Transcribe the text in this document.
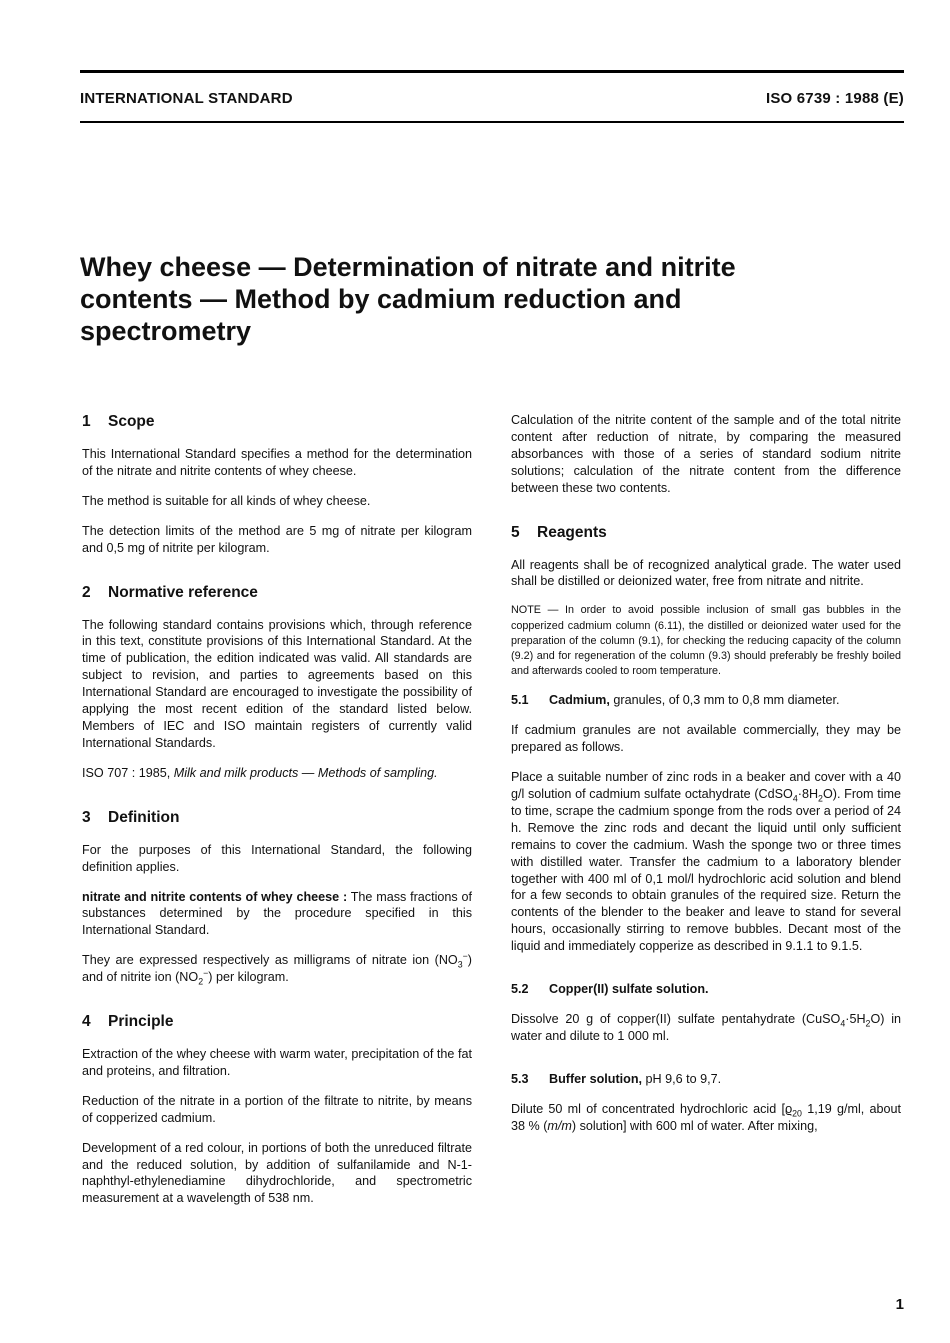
INTERNATIONAL STANDARD	ISO 6739 : 1988 (E)
Whey cheese — Determination of nitrate and nitrite contents — Method by cadmium reduction and spectrometry
1 Scope

This International Standard specifies a method for the determination of the nitrate and nitrite contents of whey cheese.

The method is suitable for all kinds of whey cheese.

The detection limits of the method are 5 mg of nitrate per kilogram and 0,5 mg of nitrite per kilogram.

2 Normative reference

The following standard contains provisions which, through reference in this text, constitute provisions of this International Standard. At the time of publication, the edition indicated was valid. All standards are subject to revision, and parties to agreements based on this International Standard are encouraged to investigate the possibility of applying the most recent edition of the standard listed below. Members of IEC and ISO maintain registers of currently valid International Standards.

ISO 707 : 1985, Milk and milk products — Methods of sampling.

3 Definition

For the purposes of this International Standard, the following definition applies.

nitrate and nitrite contents of whey cheese : The mass fractions of substances determined by the procedure specified in this International Standard.

They are expressed respectively as milligrams of nitrate ion $(NO_3^-)$ and of nitrite ion $(NO_2^-)$ per kilogram.

4 Principle

Extraction of the whey cheese with warm water, precipitation of the fat and proteins, and filtration.

Reduction of the nitrate in a portion of the filtrate to nitrite, by means of copperized cadmium.

Development of a red colour, in portions of both the unreduced filtrate and the reduced solution, by addition of sulfanilamide and N-1-naphthyl-ethylenediamine dihydrochloride, and spectrometric measurement at a wavelength of 538 nm.

Calculation of the nitrite content of the sample and of the total nitrite content after reduction of nitrate, by comparing the measured absorbances with those of a series of standard sodium nitrite solutions; calculation of the nitrate content from the difference between these two contents.

5 Reagents

All reagents shall be of recognized analytical grade. The water used shall be distilled or deionized water, free from nitrate and nitrite.

NOTE — In order to avoid possible inclusion of small gas bubbles in the copperized cadmium column (6.11), the distilled or deionized water used for the preparation of the column (9.1), for checking the reducing capacity of the column (9.2) and for regeneration of the column (9.3) should preferably be freshly boiled and afterwards cooled to room temperature.

5.1 Cadmium, granules, of 0,3 mm to 0,8 mm diameter.

If cadmium granules are not available commercially, they may be prepared as follows.

Place a suitable number of zinc rods in a beaker and cover with a 40 g/l solution of cadmium sulfate octahydrate $(CdSO_4\cdot 8H_2O)$. From time to time, scrape the cadmium sponge from the rods over a period of 24 h. Remove the zinc rods and decant the liquid until only sufficient remains to cover the cadmium. Wash the sponge two or three times with distilled water. Transfer the cadmium to a laboratory blender together with 400 ml of 0,1 mol/l hydrochloric acid solution and blend for a few seconds to obtain granules of the required size. Return the contents of the blender to the beaker and leave to stand for several hours, occasionally stirring to remove bubbles. Decant most of the liquid and immediately copperize as described in 9.1.1 to 9.1.5.

5.2 Copper(II) sulfate solution.

Dissolve 20 g of copper(II) sulfate pentahydrate $(CuSO_4\cdot 5H_2O)$ in water and dilute to 1 000 ml.

5.3 Buffer solution, pH 9,6 to 9,7.

Dilute 50 ml of concentrated hydrochloric acid [$ϱ_{20}$ 1,19 g/ml, about 38 % (m/m) solution] with 600 ml of water. After mixing,

1
